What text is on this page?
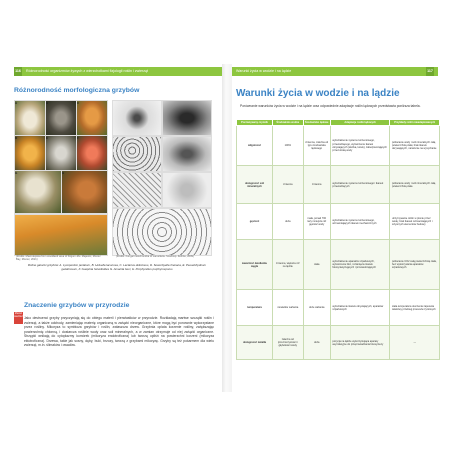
116 Różnorodność organizmów żywych z wierzchołkami fizjologii roślin i zwierząt
Różnorodność morfologiczna grzybów
A	B	C
D	E	F
G	H
(Źródło: Macrolepiota from woodland area of Kitgum-Mu. Majestic, Monier Bay, Monier, 2021)
(Źródło: Fungal mitochondria of Lamellaria. Scedosp. Zebrite, 2009)
Różne gatunki grzybów: A. Lycoperdon perlatum, B. Helvella lacunosa, C. Lactarius deliciosus, D. Sowerbyella rhenana, E. Pseudohydnum gelatinosum, F. Guepinia helvelloides G. Amanita beci, H. Porphyrellus porphyrosporus
Znaczenie grzybów w przyrodzie
Musisz wiedzieć Jako destruenci grzyby przyczyniają się do obiegu materii i pierwiastków w przyrodzie. Rozkładają martwe szczątki roślin i zwierząt, a także odchody, zamieniając materię organiczną w związki nieorganiczne, które mogą być ponownie wykorzystane przez rośliny. Mikoryza to symbioza grzybów i roślin, zwłaszcza drzew. Grzybnia oplata korzenie rośliny, zwiększając powierzchnię chłonną, i dostarcza roślinie wody oraz soli mineralnych, a w zamian otrzymuje od niej związki organiczne. Strzępki wnikają do cytoplazmy komórek (mikoryza endotroficzna) lub tworzą opilśń na powierzchni korzeni (mikoryza ektotroficzna). Drzewa, takie jak sosny, dęby, buki, brzozy, tworzą z grzybami mikoryzę. Grzyby są też pokarmem dla wielu zwierząt, m.in. ślimaków i owadów.
Warunki życia w wodzie i na lądzie	117
Warunki życia w wodzie i na lądzie
Porównanie warunków życia w wodzie i na lądzie oraz odpowiednie adaptacje roślin lądowych przedstawia poniższa tabela.
Porównywany czynnik	Środowisko wodne	Środowisko lądowe	Adaptacje roślin lądowych	Przykłady roślin nieadaptowanych
wilgotność	100%	zmienna, zależna od typu środowiska lądowego	wykształcenie systemu korzeniowego, przewodzącego, wytworzenie tkanek okrywających (skórka, korek), zabezpieczających przed utratą wody	pobieranie wody i soli mineralnych całą powierzchnią ciała; brak tkanek okrywających, narażenie na wysychanie
dostępność soli mineralnych	zmienna	zmienna	wykształcenie systemu korzeniowego i tkanek przewodzących	pobieranie wody i soli mineralnych całą powierzchnią ciała
gęstość	duża	mała, ponad 700 razy mniejsza niż gęstość wody	wykształcenie systemu korzeniowego, wzmacniających tkanek mechanicznych	utrzymywanie roślin w pionie przez wodę; brak tkanek wzmacniających i sztywnych elementów budowy
zawartość dwutlenku węgla	zmienna, większa niż na lądzie	stała	wykształcenie aparatów szparkowych, wytworzenie liści, rozwinięcie tkanek fotosyntetyzujących i przewietrzających	pobieranie CO2 całą powierzchnią ciała, bez wykorzystania aparatów szparkowych
temperatura	niewielkie wahania	duże wahania	wykształcenie tkanek okrywających, aparatów szparkowych	stała temperatura otoczenia zapewnia właściwy przebieg procesów życiowych
dostępność światła	zależna od przezroczystości i głębokości wody	duża	pozycja na lądzie wykorzystująca aparaty asymilacyjne do przeprowadzania fotosyntezy	—
